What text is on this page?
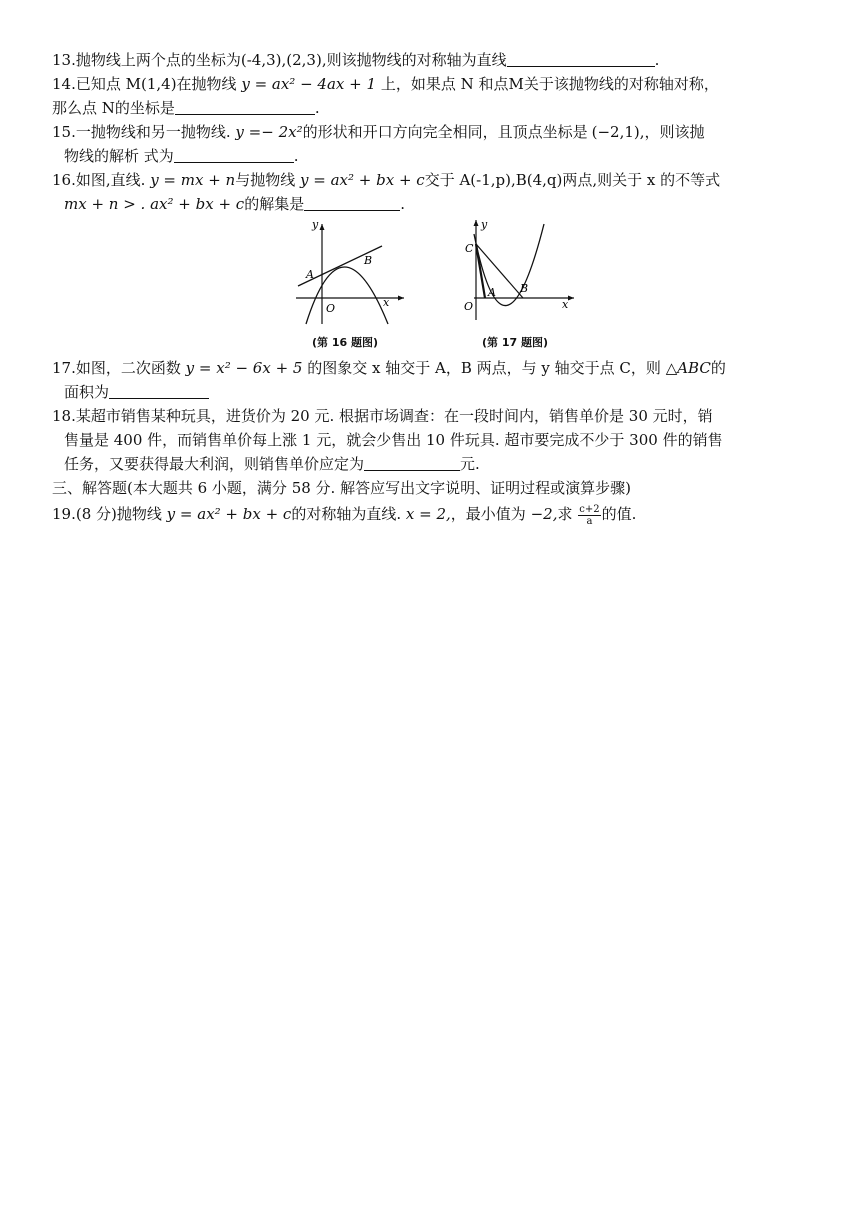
13.抛物线上两个点的坐标为(-4,3),(2,3),则该抛物线的对称轴为直线	.
14.已知点 M(1,4)在抛物线 y = ax² − 4ax + 1 上，如果点 N 和点M关于该抛物线的对称轴对称，
那么点 N的坐标是	.
15.一抛物线和另一抛物线. y =− 2x²的形状和开口方向完全相同，且顶点坐标是 (−2,1),，则该抛
物线的解析 式为	.
16.如图,直线. y = mx + n与抛物线 y = ax² + bx + c交于 A(-1,p),B(4,q)两点,则关于 x 的不等式
mx + n > . ax² + bx + c的解集是	.
y
x
O
A
B
(第 16 题图)
y
x
O
A B
C
(第 17 题图)
17.如图，二次函数 y = x² − 6x + 5 的图象交 x 轴交于 A，B 两点，与 y 轴交于点 C，则 △ABC的
面积为
18.某超市销售某种玩具，进货价为 20 元. 根据市场调查：在一段时间内，销售单价是 30 元时，销
售量是 400 件，而销售单价每上涨 1 元，就会少售出 10 件玩具. 超市要完成不少于 300 件的销售
任务，又要获得最大利润，则销售单价应定为	元.
三、解答题(本大题共 6 小题，满分 58 分. 解答应写出文字说明、证明过程或演算步骤)
19.(8 分)抛物线 y = ax² + bx + c的对称轴为直线. x = 2,，最小值为 −2,求 $\frac{c+2}{a}$ 的值.
